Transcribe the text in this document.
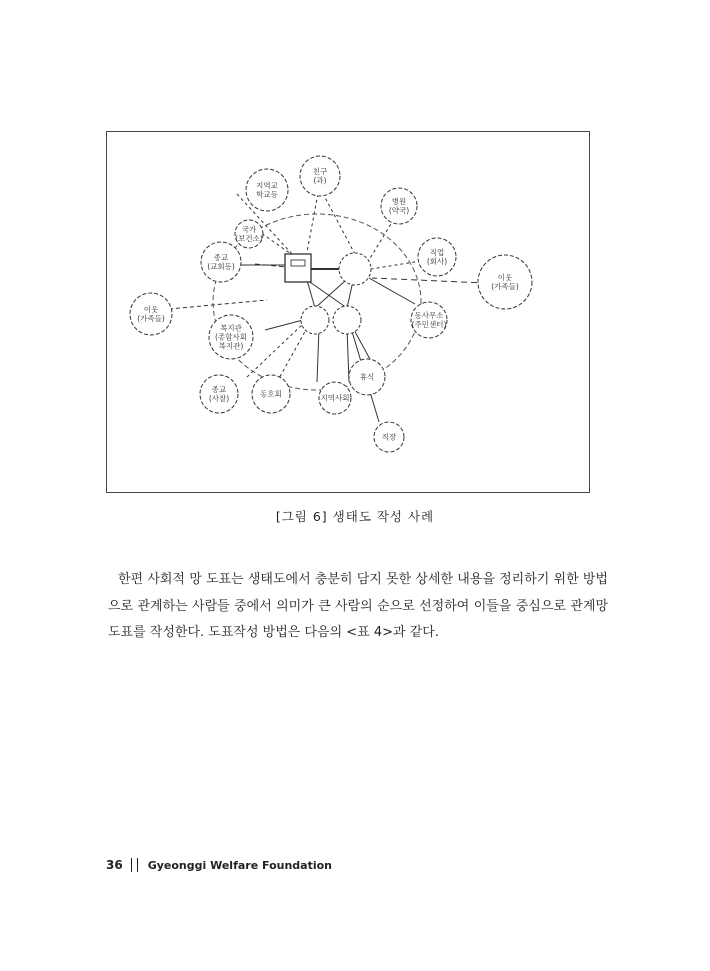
친구 (과)
지역교 학교등
병원 (약국)
국가 (보건소)
종교 (교회등)
직업 (회사)
이웃 (가족들)
이웃 (가족들)
복지관 (종합사회 복지관)
동사무소 (주민센터)
휴식
동호회
종교 (사찰)	지역사회
직장
[그림 6] 생태도 작성 사례

한편 사회적 망 도표는 생태도에서 충분히 담지 못한 상세한 내용을 정리하기 위한 방법으로 관계하는 사람들 중에서 의미가 큰 사람의 순으로 선정하여 이들을 중심으로 관계망 도표를 작성한다. 도표작성 방법은 다음의 <표 4>과 같다.

36 Gyeonggi Welfare Foundation
